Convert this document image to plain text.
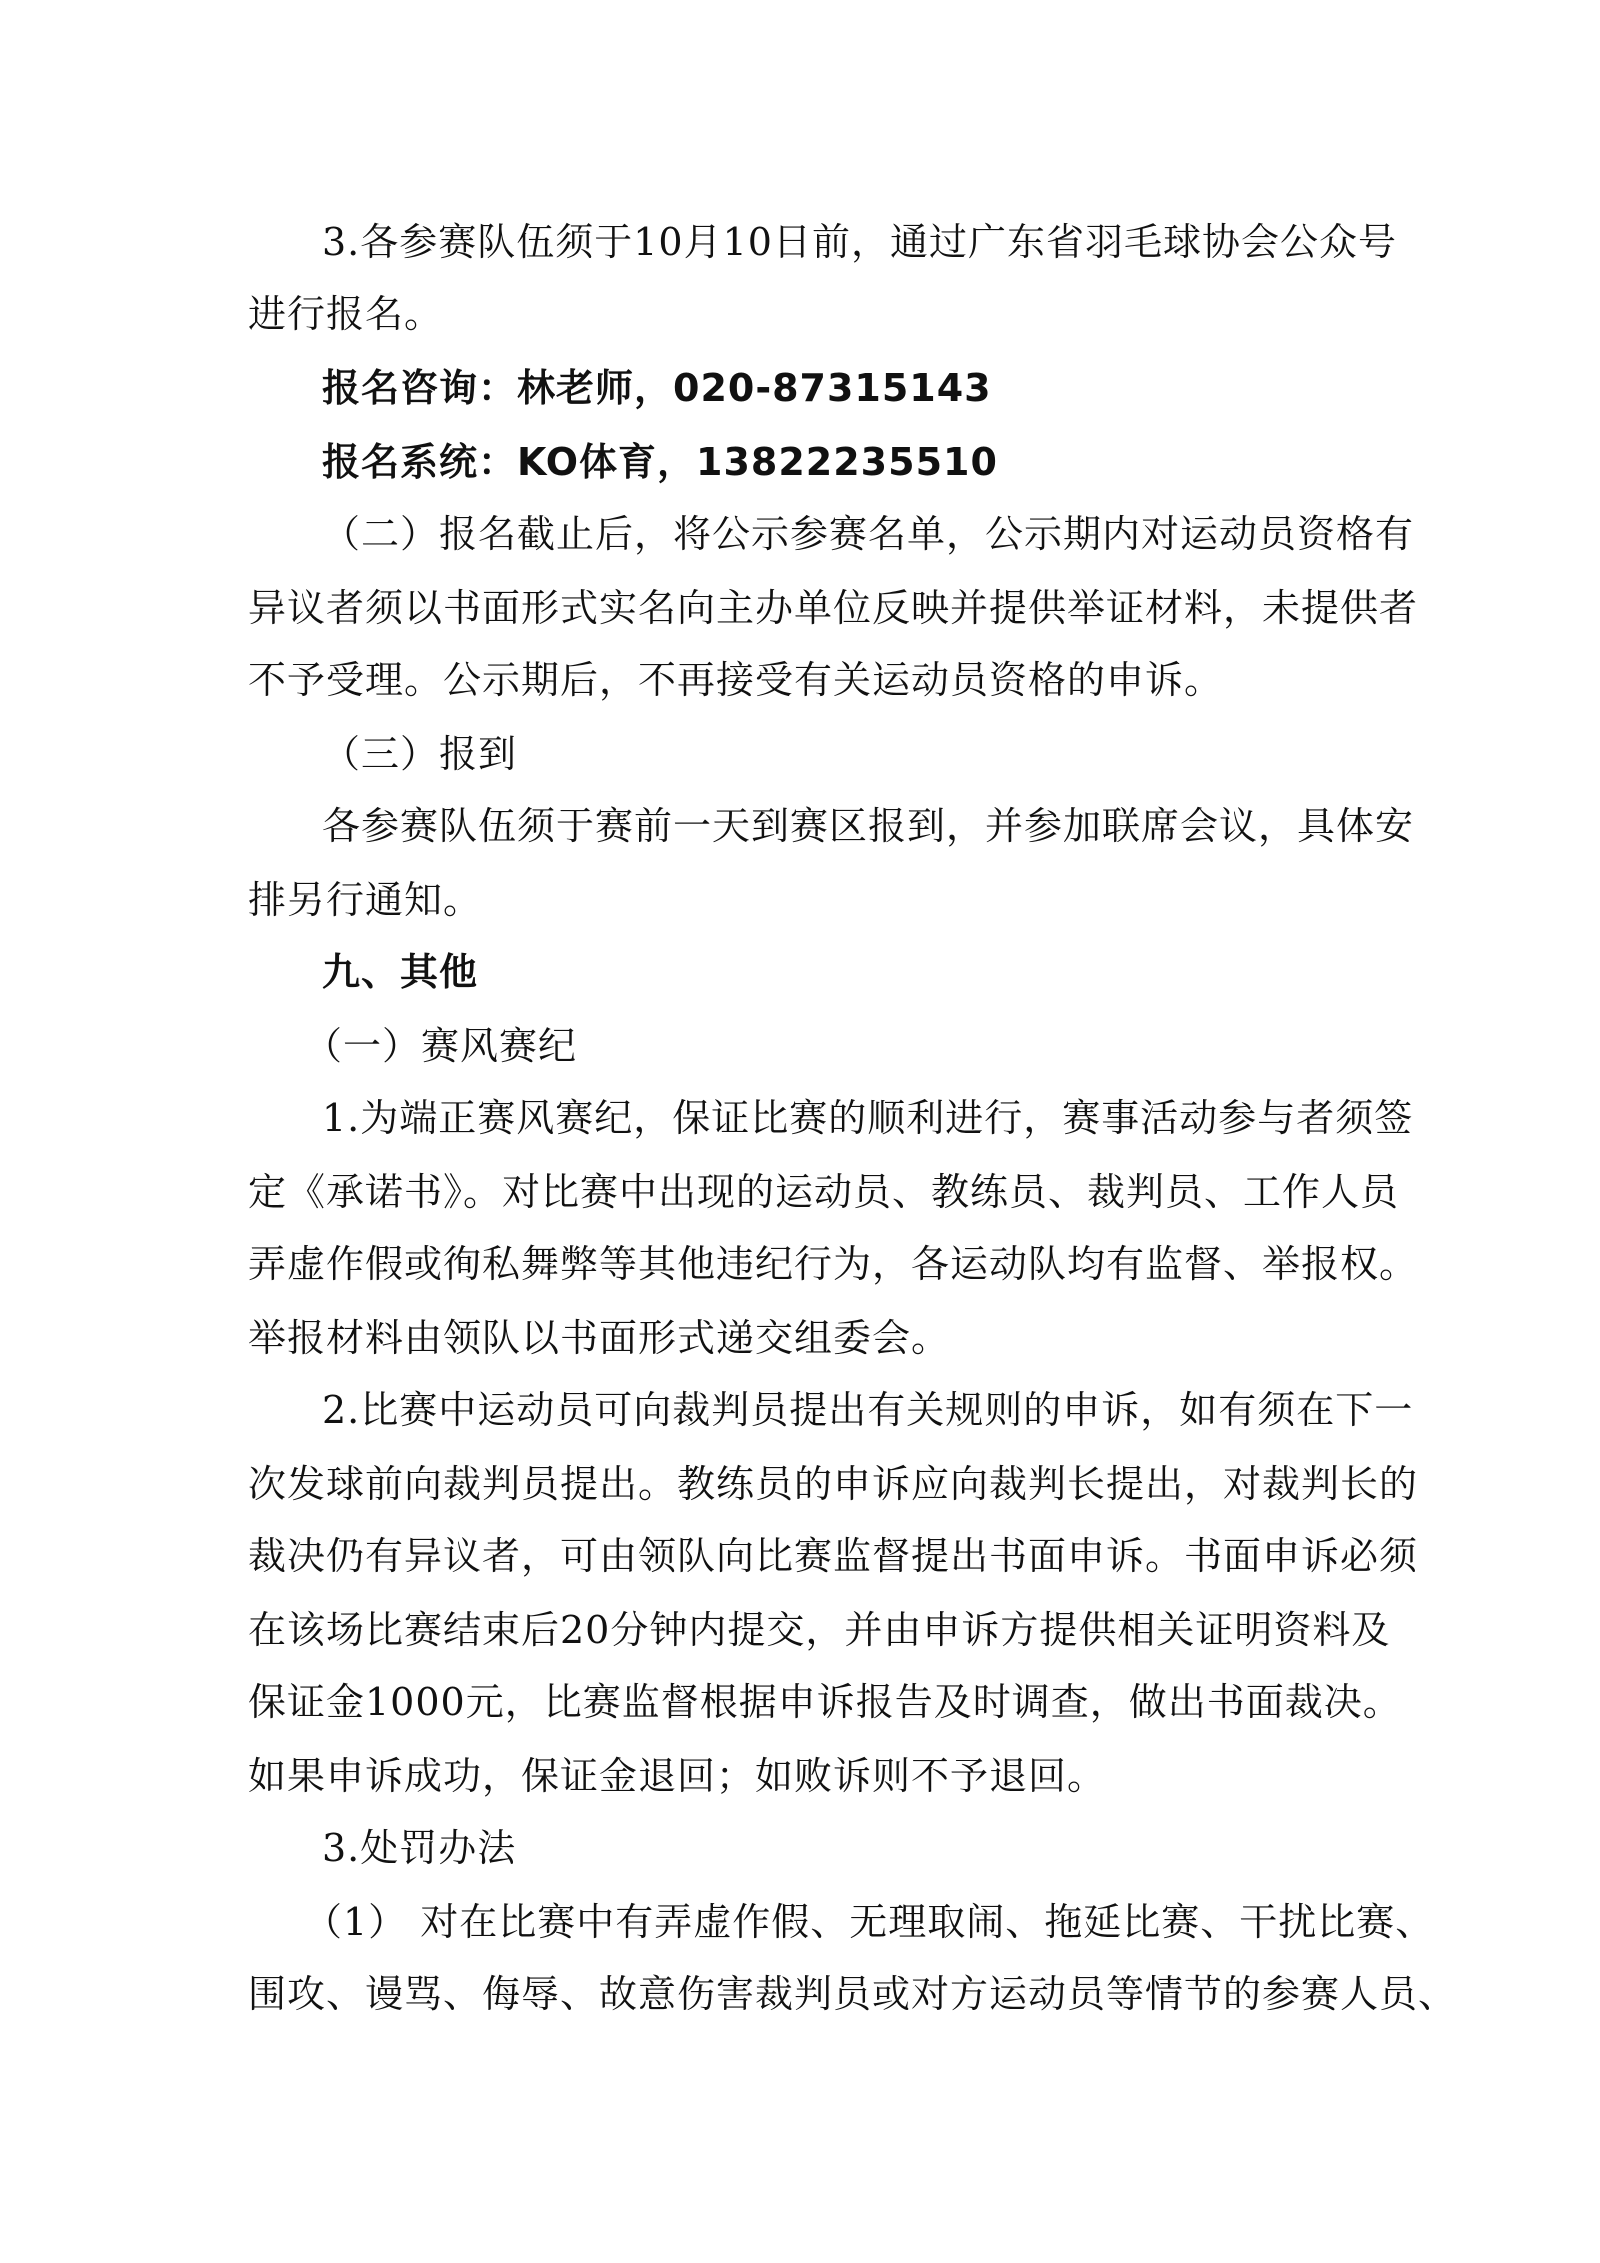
3.各参赛队伍须于10月10日前，通过广东省羽毛球协会公众号
进行报名。
报名咨询：林老师，020-87315143
报名系统：KO体育，13822235510
（二）报名截止后，将公示参赛名单，公示期内对运动员资格有
异议者须以书面形式实名向主办单位反映并提供举证材料，未提供者
不予受理。公示期后，不再接受有关运动员资格的申诉。
（三）报到
各参赛队伍须于赛前一天到赛区报到，并参加联席会议，具体安
排另行通知。
九、其他
（一）赛风赛纪
1.为端正赛风赛纪，保证比赛的顺利进行，赛事活动参与者须签
定《承诺书》。对比赛中出现的运动员、教练员、裁判员、工作人员
弄虚作假或徇私舞弊等其他违纪行为，各运动队均有监督、举报权。
举报材料由领队以书面形式递交组委会。
2.比赛中运动员可向裁判员提出有关规则的申诉，如有须在下一
次发球前向裁判员提出。教练员的申诉应向裁判长提出，对裁判长的
裁决仍有异议者，可由领队向比赛监督提出书面申诉。书面申诉必须
在该场比赛结束后20分钟内提交，并由申诉方提供相关证明资料及
保证金1000元，比赛监督根据申诉报告及时调查，做出书面裁决。
如果申诉成功，保证金退回；如败诉则不予退回。
3.处罚办法
（1） 对在比赛中有弄虚作假、无理取闹、拖延比赛、干扰比赛、
围攻、谩骂、侮辱、故意伤害裁判员或对方运动员等情节的参赛人员、
